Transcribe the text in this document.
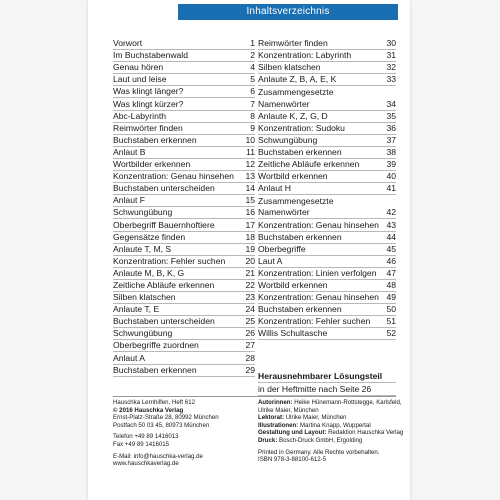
Inhaltsverzeichnis
Vorwort	1
Im Buchstabenwald	2
Genau hören	4
Laut und leise	5
Was klingt länger?	6
Was klingt kürzer?	7
Abc-Labyrinth	8
Reimwörter finden	9
Buchstaben erkennen	10
Anlaut B	11
Wortbilder erkennen	12
Konzentration: Genau hinsehen	13
Buchstaben unterscheiden	14
Anlaut F	15
Schwungübung	16
Oberbegriff Bauernhoftiere	17
Gegensätze finden	18
Anlaute T, M, S	19
Konzentration: Fehler suchen	20
Anlaute M, B, K, G	21
Zeitliche Abläufe erkennen	22
Silben klatschen	23
Anlaute T, E	24
Buchstaben unterscheiden	25
Schwungübung	26
Oberbegriffe zuordnen	27
Anlaut A	28
Buchstaben erkennen	29
Reimwörter finden	30
Konzentration: Labyrinth	31
Silben klatschen	32
Anlaute Z, B, A, E, K	33
Zusammengesetzte
Namenwörter	34
Anlaute K, Z, G, D	35
Konzentration: Sudoku	36
Schwungübung	37
Buchstaben erkennen	38
Zeitliche Abläufe erkennen	39
Wortbild erkennen	40
Anlaut H	41
Zusammengesetzte
Namenwörter	42
Konzentration: Genau hinsehen 43
Buchstaben erkennen	44
Oberbegriffe	45
Laut A	46
Konzentration: Linien verfolgen	47
Wortbild erkennen	48
Konzentration: Genau hinsehen 49
Buchstaben erkennen	50
Konzentration: Fehler suchen	51
Willis Schultasche	52
Herausnehmbarer Lösungsteil
in der Heftmitte nach Seite 26
Hauschka Lernhilfen, Heft 612
© 2016 Hauschka Verlag
Ernst-Platz-Straße 28, 80992 München
Postfach 50 03 45, 80973 München
Telefon +49 89 1416013
Fax +49 89 1416015
E-Mail: info@hauschka-verlag.de
www.hauschkaverlag.de
Autorinnen: Heike Hünemann-Rottstegge, Karlsfeld,
Ulrike Maier, München
Lektorat: Ulrike Maier, München
Illustrationen: Martina Knapp, Wuppertal
Gestaltung und Layout: Redaktion Hauschka Verlag
Druck: Bosch-Druck GmbH, Ergolding
Printed in Germany. Alle Rechte vorbehalten.
ISBN 978-3-88100-612-5
